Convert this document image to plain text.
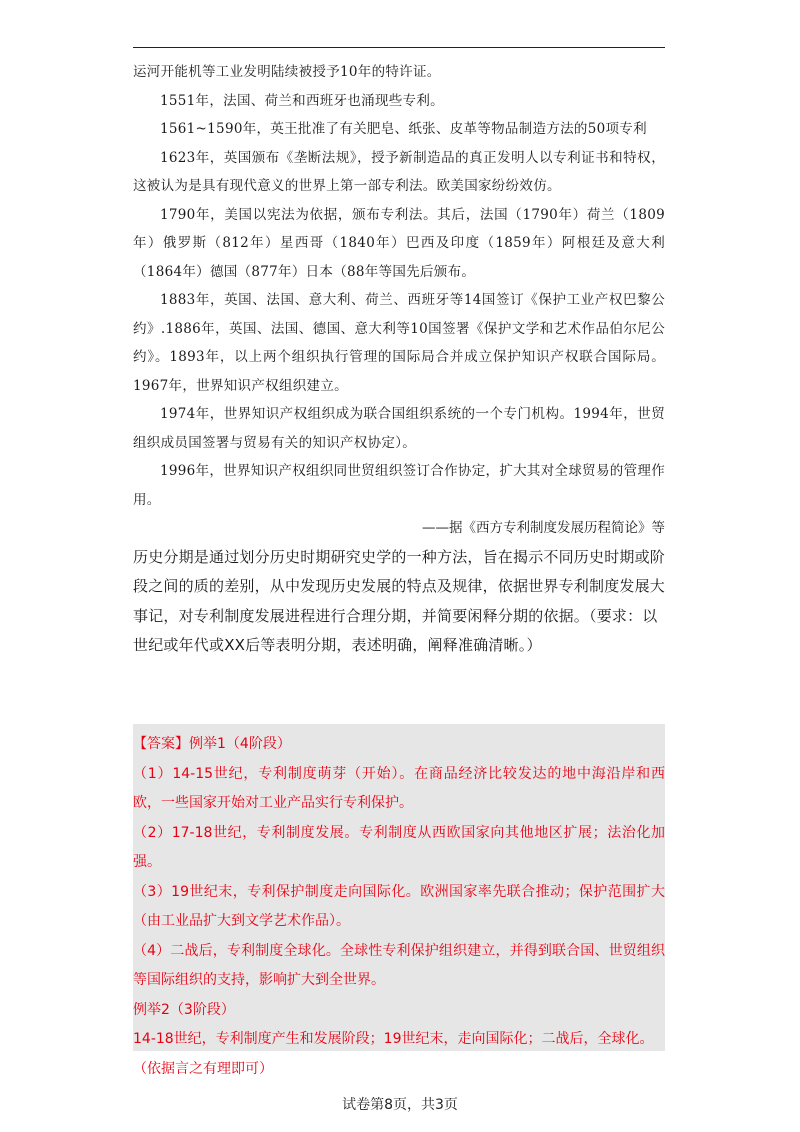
运河开能机等工业发明陆续被授予10年的特许证。

1551年，法国、荷兰和西班牙也涌现些专利。

1561~1590年，英王批准了有关肥皂、纸张、皮革等物品制造方法的50项专利

1623年，英国颁布《垄断法规》，授予新制造品的真正发明人以专利证书和特权，这被认为是具有现代意义的世界上第一部专利法。欧美国家纷纷效仿。

1790年，美国以宪法为依据，颁布专利法。其后，法国（1790年）荷兰（1809年）俄罗斯（812年）星西哥（1840年）巴西及印度（1859年）阿根廷及意大利（1864年）德国（877年）日本（88年等国先后颁布。

1883年，英国、法国、意大利、荷兰、西班牙等14国签订《保护工业产权巴黎公约》.1886年，英国、法国、德国、意大利等10国签署《保护文学和艺术作品伯尔尼公约》。1893年，以上两个组织执行管理的国际局合并成立保护知识产权联合国际局。1967年，世界知识产权组织建立。

1974年，世界知识产权组织成为联合国组织系统的一个专门机构。1994年，世贸组织成员国签署与贸易有关的知识产权协定）。

1996年，世界知识产权组织同世贸组织签订合作协定，扩大其对全球贸易的管理作用。

——据《西方专利制度发展历程简论》等

历史分期是通过划分历史时期研究史学的一种方法，旨在揭示不同历史时期或阶段之间的质的差别，从中发现历史发展的特点及规律，依据世界专利制度发展大事记，对专利制度发展进程进行合理分期，并简要闲释分期的依据。（要求：以世纪或年代或XX后等表明分期，表述明确，阐释准确清晰。）

【答案】例举1（4阶段）

（1）14-15世纪，专利制度萌芽（开始）。在商品经济比较发达的地中海沿岸和西欧，一些国家开始对工业产品实行专利保护。

（2）17-18世纪，专利制度发展。专利制度从西欧国家向其他地区扩展；法治化加强。

（3）19世纪末，专利保护制度走向国际化。欧洲国家率先联合推动；保护范围扩大（由工业品扩大到文学艺术作品）。

（4）二战后，专利制度全球化。全球性专利保护组织建立，并得到联合国、世贸组织等国际组织的支持，影响扩大到全世界。

例举2（3阶段）

14-18世纪，专利制度产生和发展阶段；19世纪末，走向国际化；二战后，全球化。

（依据言之有理即可）

试卷第8页，共3页
